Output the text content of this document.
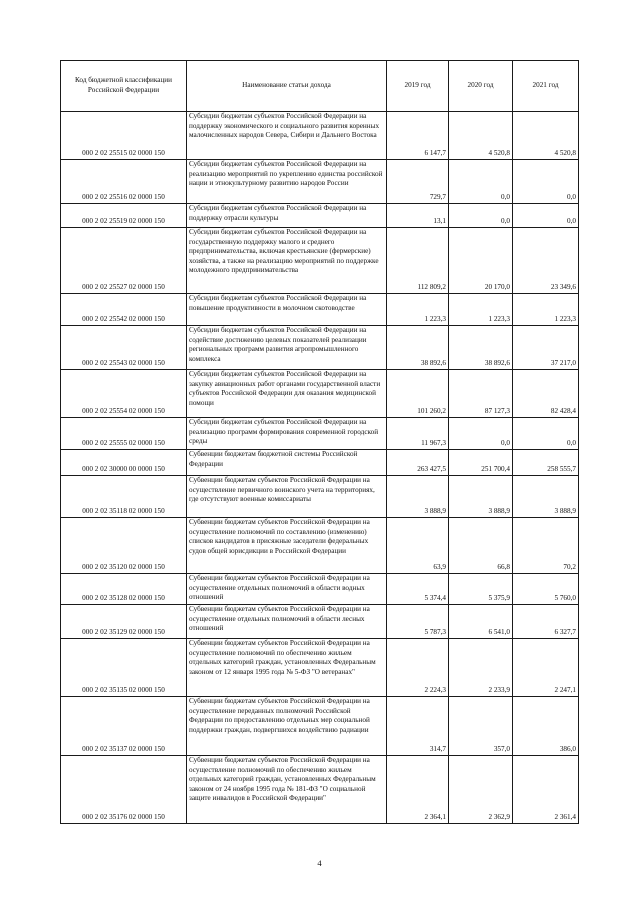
Код бюджетной классификации Российской Федерации	Наименование статьи дохода	2019 год	2020 год	2021 год
000 2 02 25515 02 0000 150	Субсидии бюджетам субъектов Российской Федерации на поддержку экономического и социального развития коренных малочисленных народов Севера, Сибири и Дальнего Востока	6 147,7	4 520,8	4 520,8
000 2 02 25516 02 0000 150	Субсидии бюджетам субъектов Российской Федерации на реализацию мероприятий по укреплению единства российской нации и этнокультурному развитию народов России	729,7	0,0	0,0
000 2 02 25519 02 0000 150	Субсидии бюджетам субъектов Российской Федерации на поддержку отрасли культуры	13,1	0,0	0,0
000 2 02 25527 02 0000 150	Субсидии бюджетам субъектов Российской Федерации на государственную поддержку малого и среднего предпринимательства, включая крестьянские (фермерские) хозяйства, а также на реализацию мероприятий по поддержке молодежного предпринимательства	112 809,2	20 170,0	23 349,6
000 2 02 25542 02 0000 150	Субсидии бюджетам субъектов Российской Федерации на повышение продуктивности в молочном скотоводстве	1 223,3	1 223,3	1 223,3
000 2 02 25543 02 0000 150	Субсидии бюджетам субъектов Российской Федерации на содействие достижению целевых показателей реализации региональных программ развития агропромышленного комплекса	38 892,6	38 892,6	37 217,0
000 2 02 25554 02 0000 150	Субсидии бюджетам субъектов Российской Федерации на закупку авиационных работ органами государственной власти субъектов Российской Федерации для оказания медицинской помощи	101 260,2	87 127,3	82 428,4
000 2 02 25555 02 0000 150	Субсидии бюджетам субъектов Российской Федерации на реализацию программ формирования современной городской среды	11 967,3	0,0	0,0
000 2 02 30000 00 0000 150	Субвенции бюджетам бюджетной системы Российской Федерации	263 427,5	251 700,4	258 555,7
000 2 02 35118 02 0000 150	Субвенции бюджетам субъектов Российской Федерации на осуществление первичного воинского учета на территориях, где отсутствуют военные комиссариаты	3 888,9	3 888,9	3 888,9
000 2 02 35120 02 0000 150	Субвенции бюджетам субъектов Российской Федерации на осуществление полномочий по составлению (изменению) списков кандидатов в присяжные заседатели федеральных судов общей юрисдикции в Российской Федерации	63,9	66,8	70,2
000 2 02 35128 02 0000 150	Субвенции бюджетам субъектов Российской Федерации на осуществление отдельных полномочий в области водных отношений	5 374,4	5 375,9	5 760,0
000 2 02 35129 02 0000 150	Субвенции бюджетам субъектов Российской Федерации на осуществление отдельных полномочий в области лесных отношений	5 787,3	6 541,0	6 327,7
000 2 02 35135 02 0000 150	Субвенции бюджетам субъектов Российской Федерации на осуществление полномочий по обеспечению жильем отдельных категорий граждан, установленных Федеральным законом от 12 января 1995 года № 5-ФЗ "О ветеранах"	2 224,3	2 233,9	2 247,1
000 2 02 35137 02 0000 150	Субвенции бюджетам субъектов Российской Федерации на осуществление переданных полномочий Российской Федерации по предоставлению отдельных мер социальной поддержки граждан, подвергшихся воздействию радиации	314,7	357,0	386,0
000 2 02 35176 02 0000 150	Субвенции бюджетам субъектов Российской Федерации на осуществление полномочий по обеспечению жильем отдельных категорий граждан, установленных Федеральным законом от 24 ноября 1995 года № 181-ФЗ "О социальной защите инвалидов в Российской Федерации"	2 364,1	2 362,9	2 361,4
4
